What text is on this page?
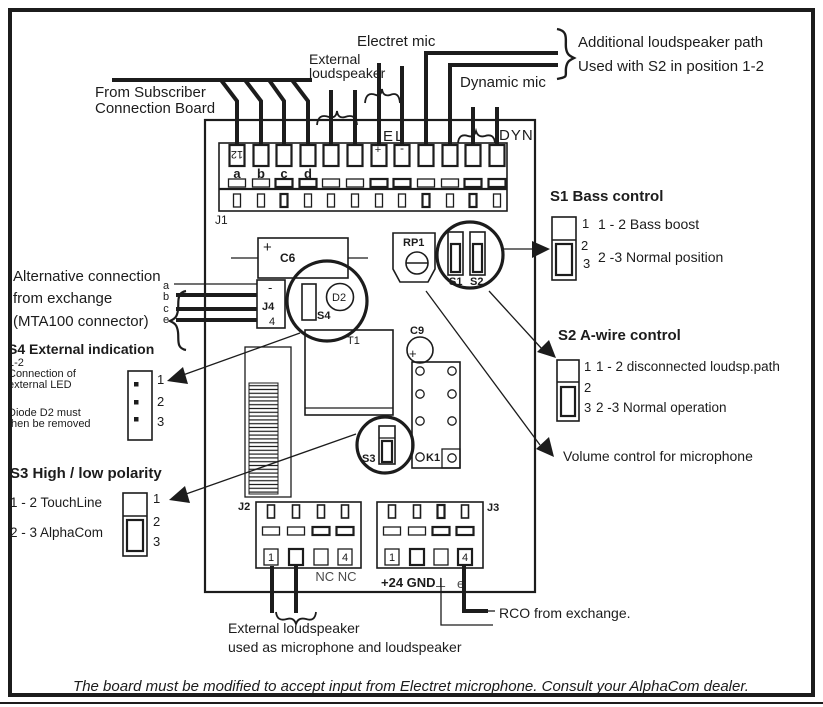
From Subscriber
Connection Board
External
loudspeaker
Electret mic
Dynamic mic
Additional loudspeaker path
Used with S2 in position 1-2
12	+ -
a b c d
J1
EL	DYN
+
C6
-
J4
4
a
b
c
e	S4
D2
RP1
S1 S2
C9
+
T1
K1
S3
1	4
J2
NC NC
1	4
J3
+24 GND ⊥ e
Alternative connection
from exchange
(MTA100 connector)
S4 External indication
1-2
Connection of
external LED
Diode D2 must
then be removed
1
2
3
S3 High / low polarity
1 - 2 TouchLine
2 - 3 AlphaCom
1
2
3
S1 Bass control
1
2
3
1 - 2 Bass boost
2 -3 Normal position
S2 A-wire control
1
2
3
1 - 2 disconnected loudsp.path
2 -3 Normal operation
Volume control for microphone
External loudspeaker
used as microphone and loudspeaker
RCO from exchange.
The board must be modified to accept input from Electret microphone. Consult your AlphaCom dealer.
